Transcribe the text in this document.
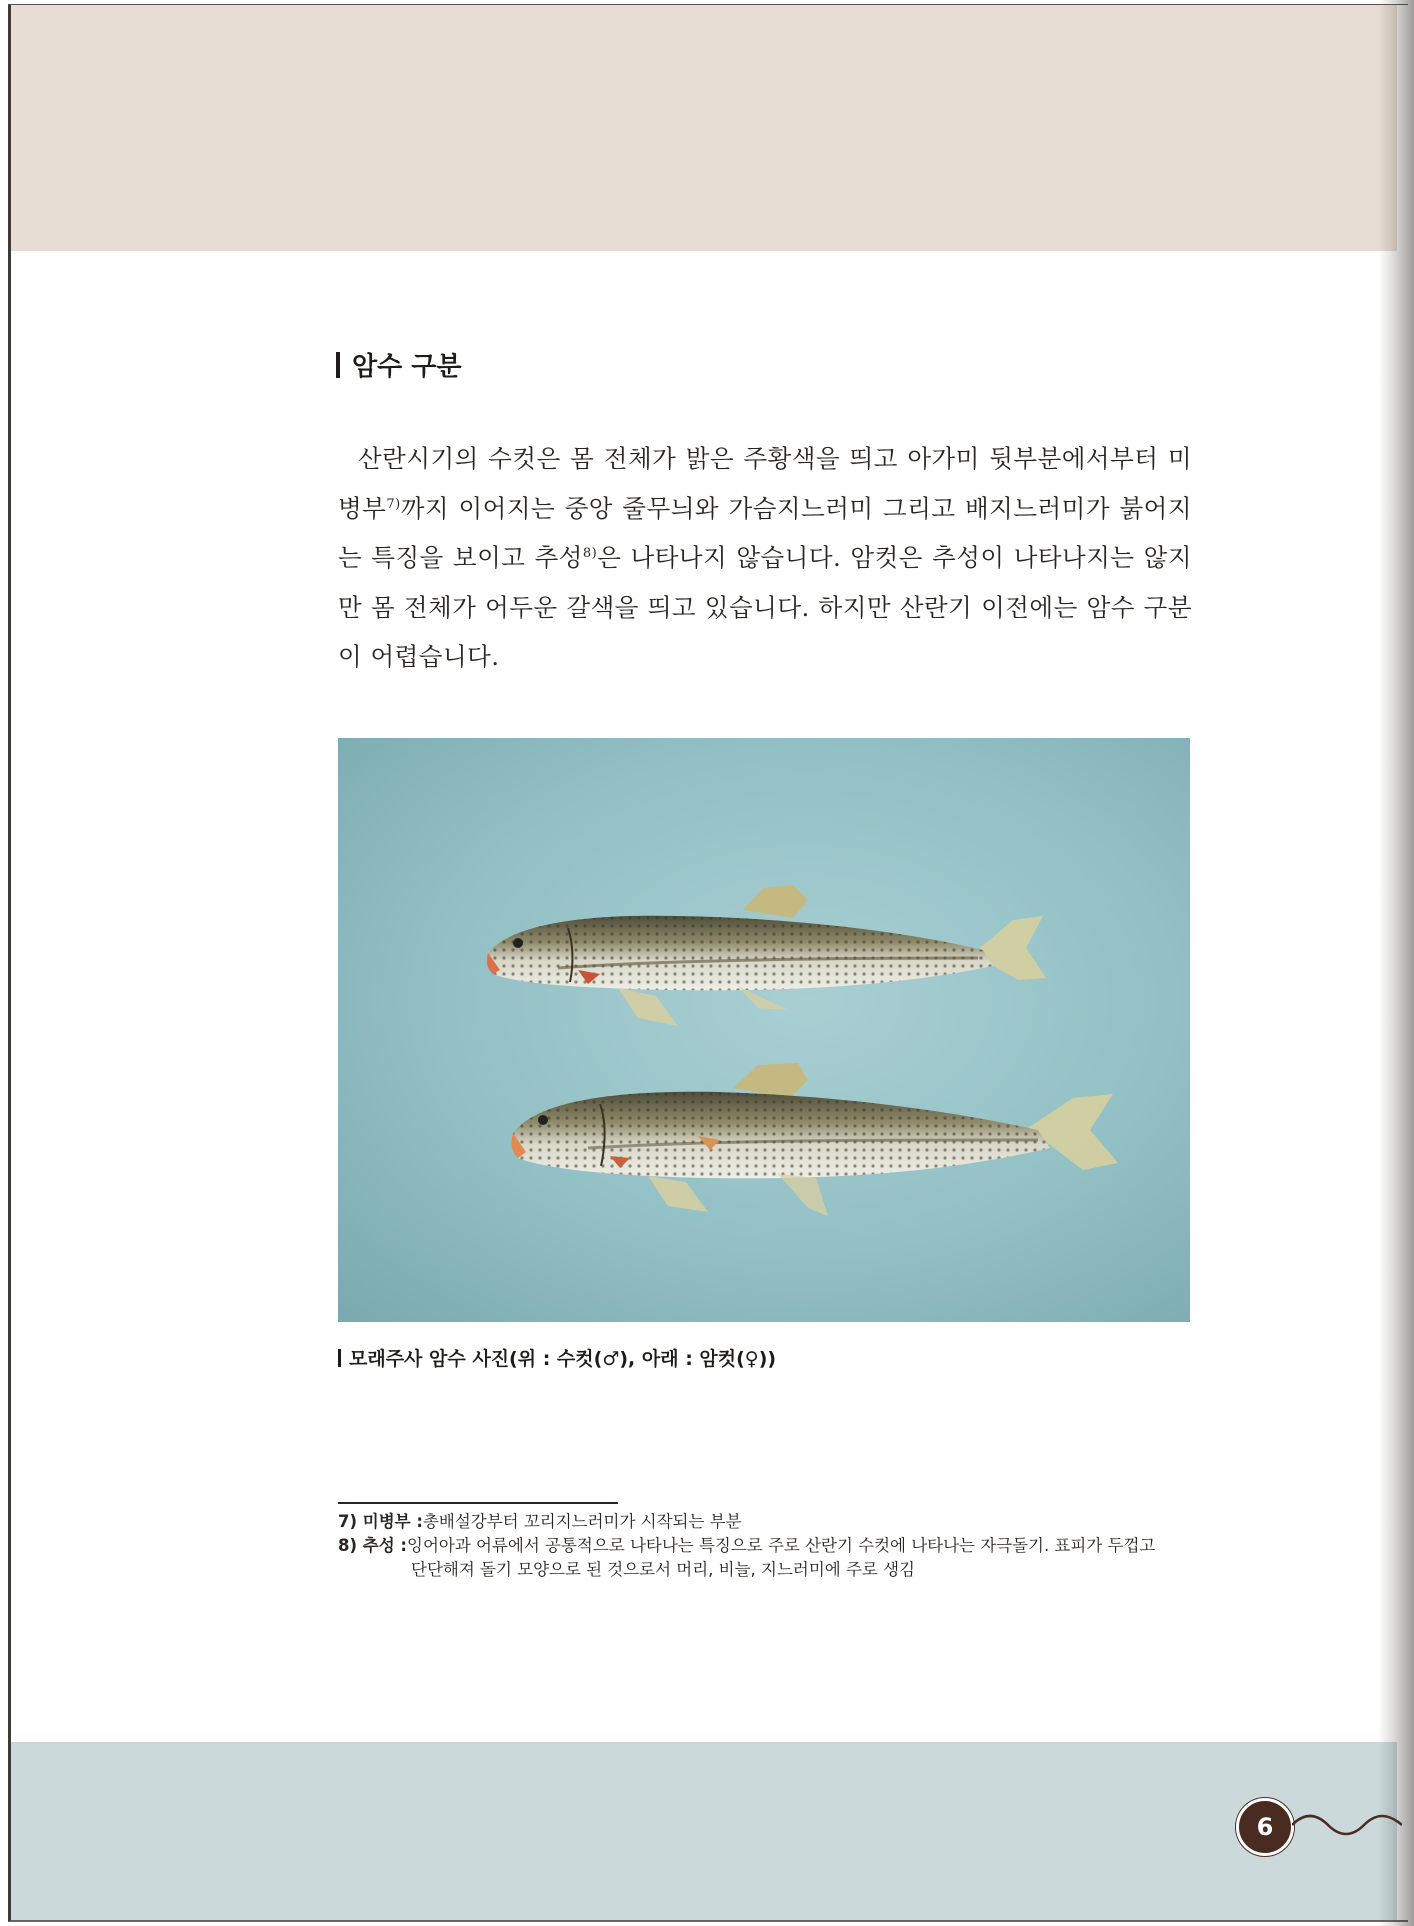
암수 구분
산란시기의 수컷은 몸 전체가 밝은 주황색을 띄고 아가미 뒷부분에서부터 미병부$^{7)}$까지 이어지는 중앙 줄무늬와 가슴지느러미 그리고 배지느러미가 붉어지는 특징을 보이고 추성$^{8)}$은 나타나지 않습니다. 암컷은 추성이 나타나지는 않지만 몸 전체가 어두운 갈색을 띄고 있습니다. 하지만 산란기 이전에는 암수 구분이 어렵습니다.
모래주사 암수 사진(위 : 수컷(♂), 아래 : 암컷(♀))
7) 미병부 : 총배설강부터 꼬리지느러미가 시작되는 부분
8) 추성 : 잉어아과 어류에서 공통적으로 나타나는 특징으로 주로 산란기 수컷에 나타나는 자극돌기. 표피가 두껍고
단단해져 돌기 모양으로 된 것으로서 머리, 비늘, 지느러미에 주로 생김
6
